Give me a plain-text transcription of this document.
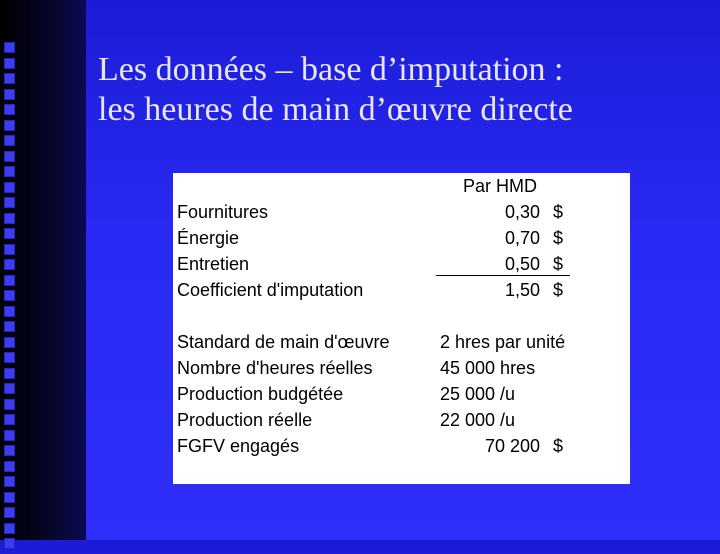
Les données – base d’imputation :
les heures de main d’œuvre directe
Par HMD
Fournitures	0,30 $
Énergie	0,70 $
Entretien	0,50 $
Coefficient d'imputation	1,50 $
Standard de main d'œuvre	2 hres par unité
Nombre d'heures réelles	45 000 hres
Production budgétée	25 000 /u
Production réelle	22 000 /u
FGFV engagés	70 200 $
